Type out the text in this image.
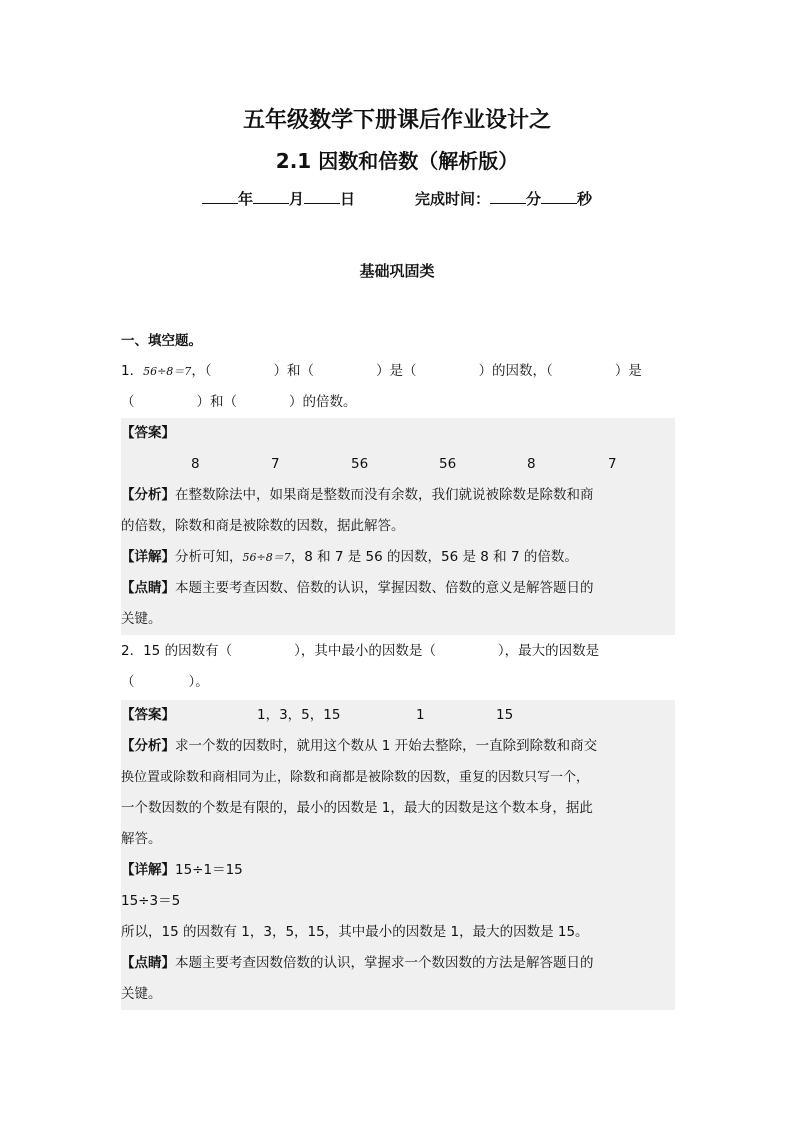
五年级数学下册课后作业设计之
2.1 因数和倍数（解析版）
年 月 日	完成时间： 分 秒
基础巩固类
一、填空题。
1．56÷8＝7，（	）和（	）是（	）的因数，（	）是
（	）和（	）的倍数。
【答案】
8	7	56	56	8	7
【分析】在整数除法中，如果商是整数而没有余数，我们就说被除数是除数和商
的倍数，除数和商是被除数的因数，据此解答。
【详解】分析可知，56÷8＝7，8 和 7 是 56 的因数，56 是 8 和 7 的倍数。
【点睛】本题主要考查因数、倍数的认识，掌握因数、倍数的意义是解答题日的
关键。
2．15 的因数有（	），其中最小的因数是（	），最大的因数是
（　　　　）。
【答案】	1，3，5，15	1	15
【分析】求一个数的因数时，就用这个数从 1 开始去整除，一直除到除数和商交
换位置或除数和商相同为止，除数和商都是被除数的因数，重复的因数只写一个，
一个数因数的个数是有限的，最小的因数是 1，最大的因数是这个数本身，据此
解答。
【详解】15÷1＝15
15÷3＝5
所以，15 的因数有 1，3，5，15，其中最小的因数是 1，最大的因数是 15。
【点睛】本题主要考查因数倍数的认识，掌握求一个数因数的方法是解答题日的
关键。
